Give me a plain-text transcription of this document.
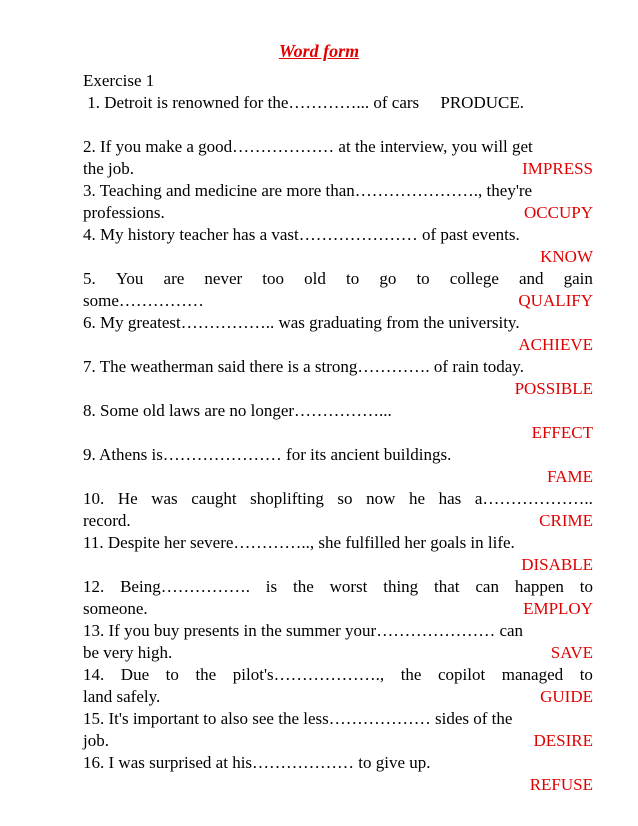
Word form
Exercise 1
1. Detroit is renowned for the…………... of cars     PRODUCE.
2. If you make a good……………… at the interview, you will get
the job.	IMPRESS
3. Teaching and medicine are more than…………………., they're
professions.	OCCUPY
4. My history teacher has a vast………………… of past events.
KNOW
5. You are never too old to go to college and gain
some……………	QUALIFY
6. My greatest…………….. was graduating from the university.
ACHIEVE
7. The weatherman said there is a strong…………. of rain today.
POSSIBLE
8. Some old laws are no longer……………...
EFFECT
9. Athens is………………… for its ancient buildings.
FAME
10. He was caught shoplifting so now he has a………………..
record.	CRIME
11. Despite her severe………….., she fulfilled her goals in life.
DISABLE
12. Being……………. is the worst thing that can happen to
someone.	EMPLOY
13. If you buy presents in the summer your………………… can
be very high.	SAVE
14. Due to the pilot's………………., the copilot managed to
land safely.	GUIDE
15. It's important to also see the less……………… sides of the
job.	DESIRE
16. I was surprised at his……………… to give up.
REFUSE
